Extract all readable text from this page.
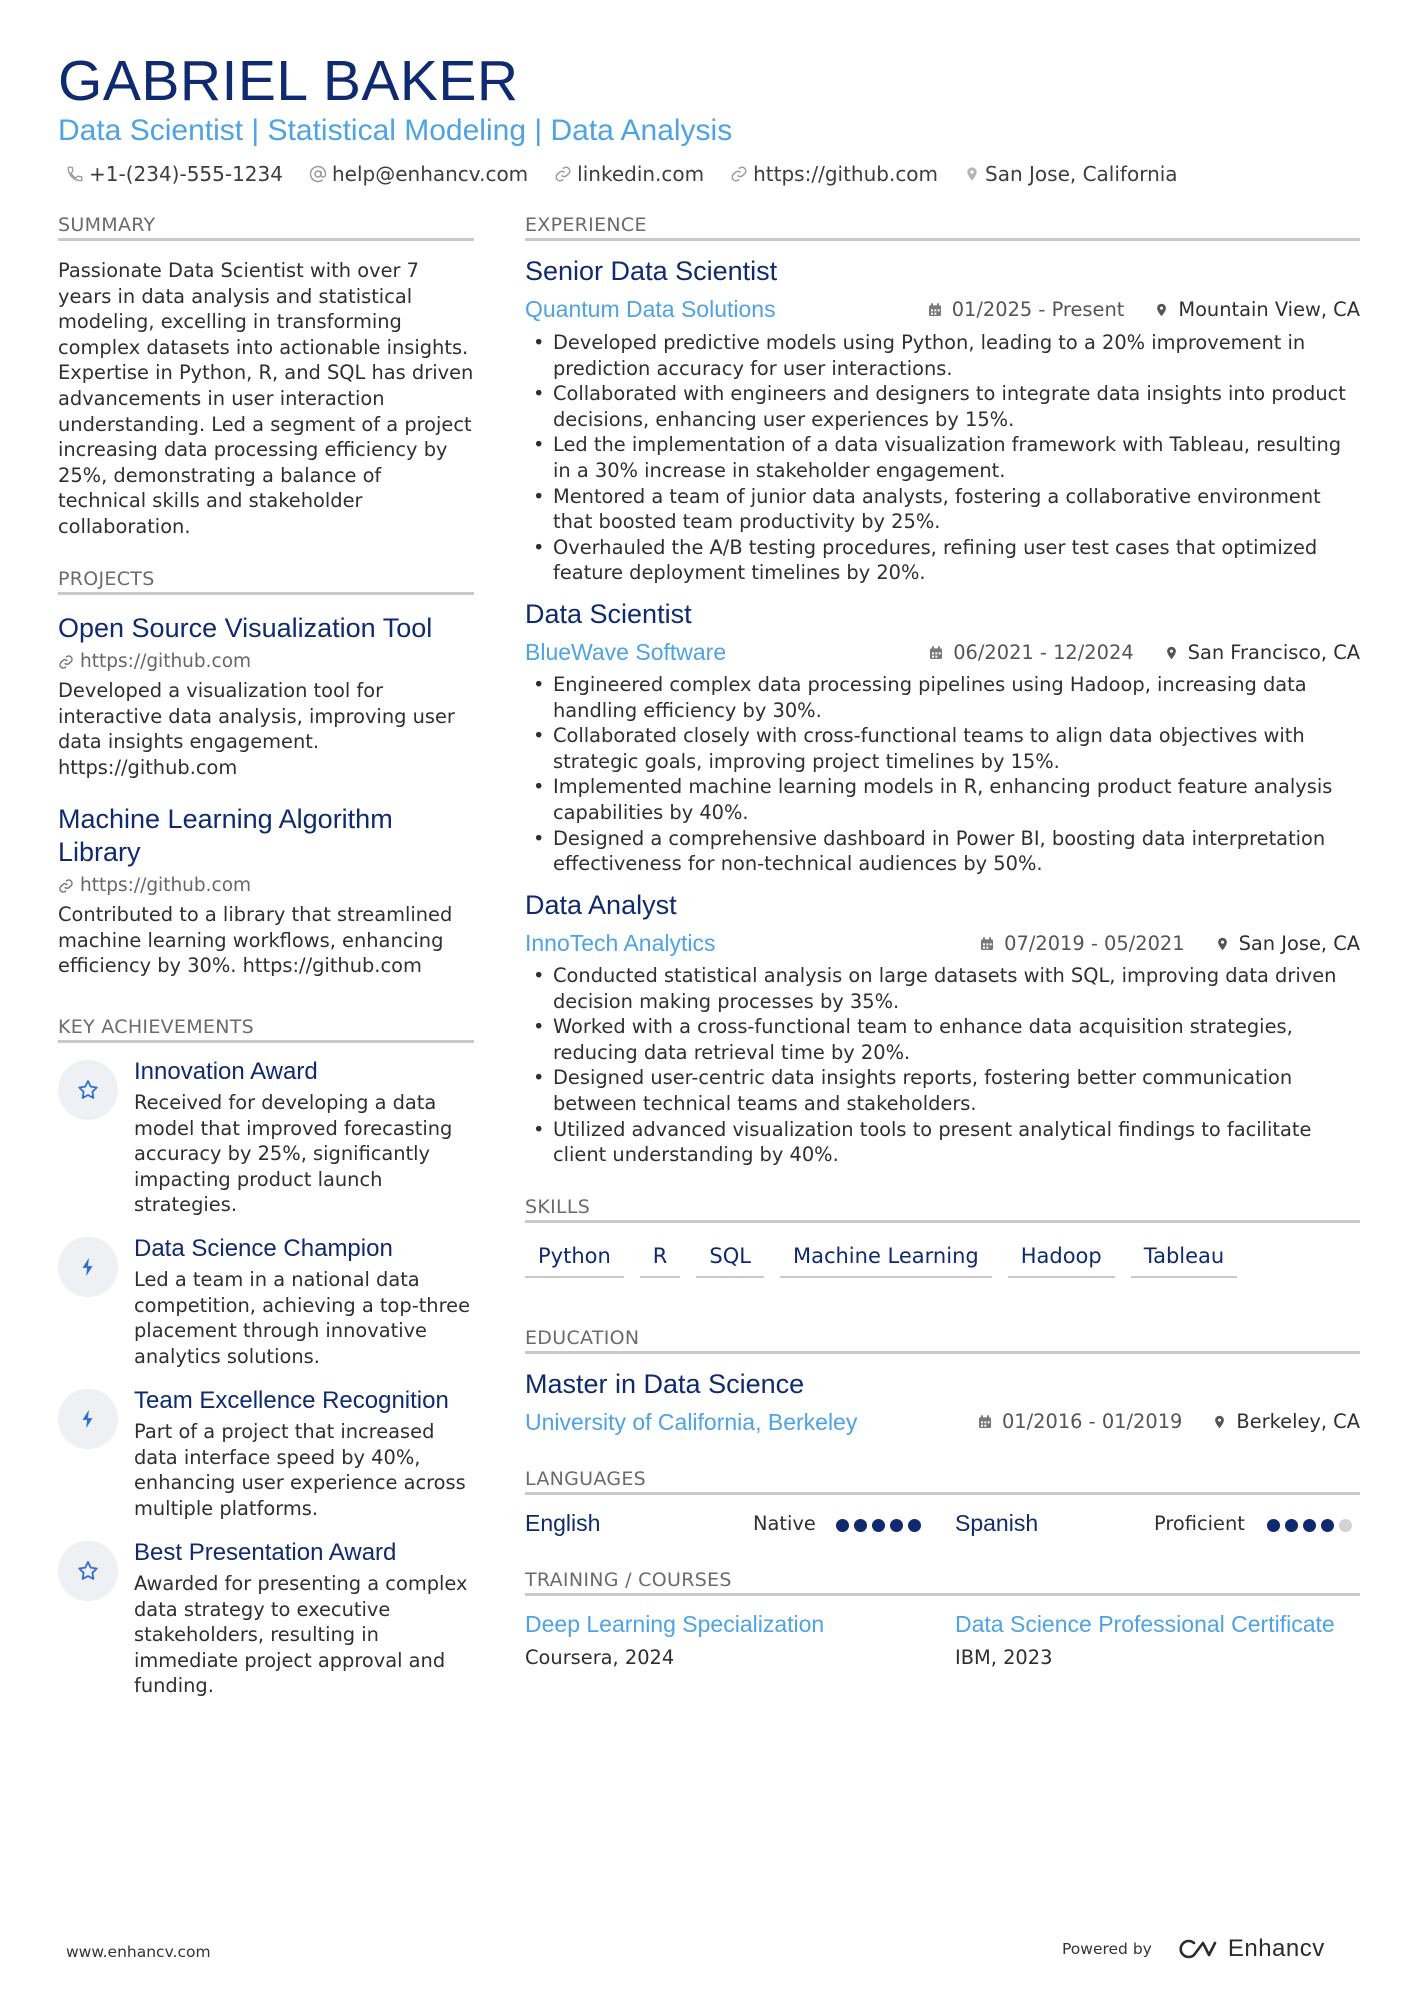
GABRIEL BAKER
Data Scientist | Statistical Modeling | Data Analysis
+1-(234)-555-1234 help@enhancv.com linkedin.com https://github.com San Jose, California
SUMMARY
Passionate Data Scientist with over 7 years in data analysis and statistical modeling, excelling in transforming complex datasets into actionable insights. Expertise in Python, R, and SQL has driven advancements in user interaction understanding. Led a segment of a project increasing data processing efficiency by 25%, demonstrating a balance of technical skills and stakeholder collaboration.
PROJECTS
Open Source Visualization Tool
https://github.com
Developed a visualization tool for interactive data analysis, improving user data insights engagement. https://github.com
Machine Learning Algorithm Library
https://github.com
Contributed to a library that streamlined machine learning workflows, enhancing efficiency by 30%. https://github.com
KEY ACHIEVEMENTS
Innovation Award
Received for developing a data model that improved forecasting accuracy by 25%, significantly impacting product launch strategies.
Data Science Champion
Led a team in a national data competition, achieving a top-three placement through innovative analytics solutions.
Team Excellence Recognition
Part of a project that increased data interface speed by 40%, enhancing user experience across multiple platforms.
Best Presentation Award
Awarded for presenting a complex data strategy to executive stakeholders, resulting in immediate project approval and funding.
EXPERIENCE
Senior Data Scientist
Quantum Data Solutions	01/2025 - Present	Mountain View, CA
• Developed predictive models using Python, leading to a 20% improvement in prediction accuracy for user interactions.
• Collaborated with engineers and designers to integrate data insights into product decisions, enhancing user experiences by 15%.
• Led the implementation of a data visualization framework with Tableau, resulting in a 30% increase in stakeholder engagement.
• Mentored a team of junior data analysts, fostering a collaborative environment that boosted team productivity by 25%.
• Overhauled the A/B testing procedures, refining user test cases that optimized feature deployment timelines by 20%.
Data Scientist
BlueWave Software	06/2021 - 12/2024	San Francisco, CA
• Engineered complex data processing pipelines using Hadoop, increasing data handling efficiency by 30%.
• Collaborated closely with cross-functional teams to align data objectives with strategic goals, improving project timelines by 15%.
• Implemented machine learning models in R, enhancing product feature analysis capabilities by 40%.
• Designed a comprehensive dashboard in Power BI, boosting data interpretation effectiveness for non-technical audiences by 50%.
Data Analyst
InnoTech Analytics	07/2019 - 05/2021	San Jose, CA
• Conducted statistical analysis on large datasets with SQL, improving data driven decision making processes by 35%.
• Worked with a cross-functional team to enhance data acquisition strategies, reducing data retrieval time by 20%.
• Designed user-centric data insights reports, fostering better communication between technical teams and stakeholders.
• Utilized advanced visualization tools to present analytical findings to facilitate client understanding by 40%.
SKILLS
Python	R	SQL	Machine Learning	Hadoop	Tableau
EDUCATION
Master in Data Science
University of California, Berkeley	01/2016 - 01/2019	Berkeley, CA
LANGUAGES
English	Native	Spanish	Proficient
TRAINING / COURSES
Deep Learning Specialization
Coursera, 2024
Data Science Professional Certificate
IBM, 2023
www.enhancv.com	Powered by	Enhancv
